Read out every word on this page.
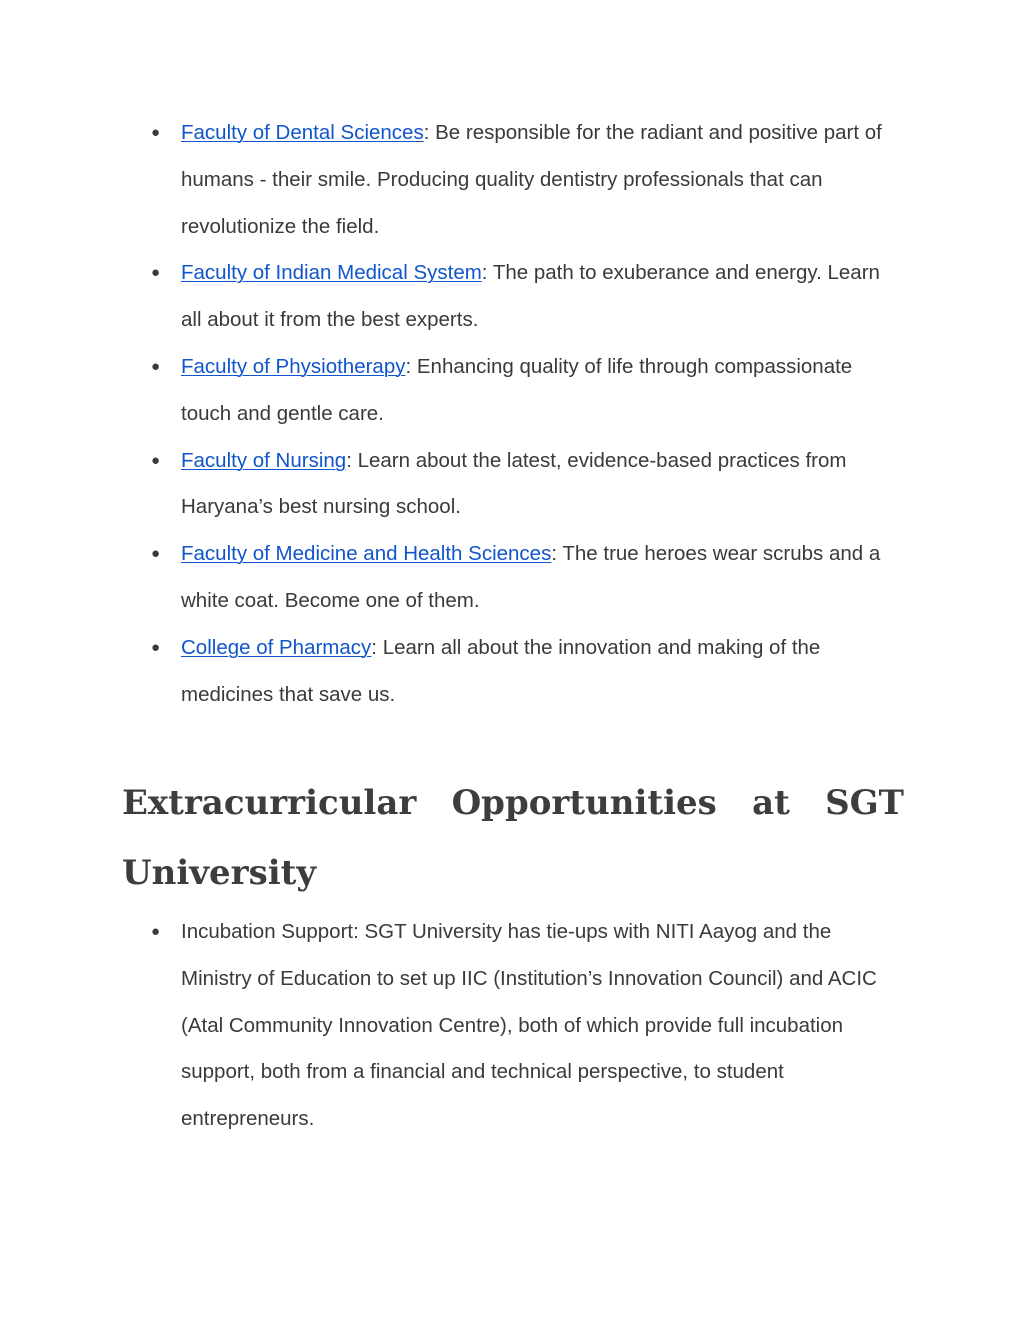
● Faculty of Dental Sciences: Be responsible for the radiant and positive part of humans - their smile. Producing quality dentistry professionals that can revolutionize the field.
● Faculty of Indian Medical System: The path to exuberance and energy. Learn all about it from the best experts.
● Faculty of Physiotherapy: Enhancing quality of life through compassionate touch and gentle care.
● Faculty of Nursing: Learn about the latest, evidence-based practices from Haryana’s best nursing school.
● Faculty of Medicine and Health Sciences: The true heroes wear scrubs and a white coat. Become one of them.
● College of Pharmacy: Learn all about the innovation and making of the medicines that save us.
Extracurricular Opportunities at SGT University
● Incubation Support: SGT University has tie-ups with NITI Aayog and the Ministry of Education to set up IIC (Institution’s Innovation Council) and ACIC (Atal Community Innovation Centre), both of which provide full incubation support, both from a financial and technical perspective, to student entrepreneurs.
